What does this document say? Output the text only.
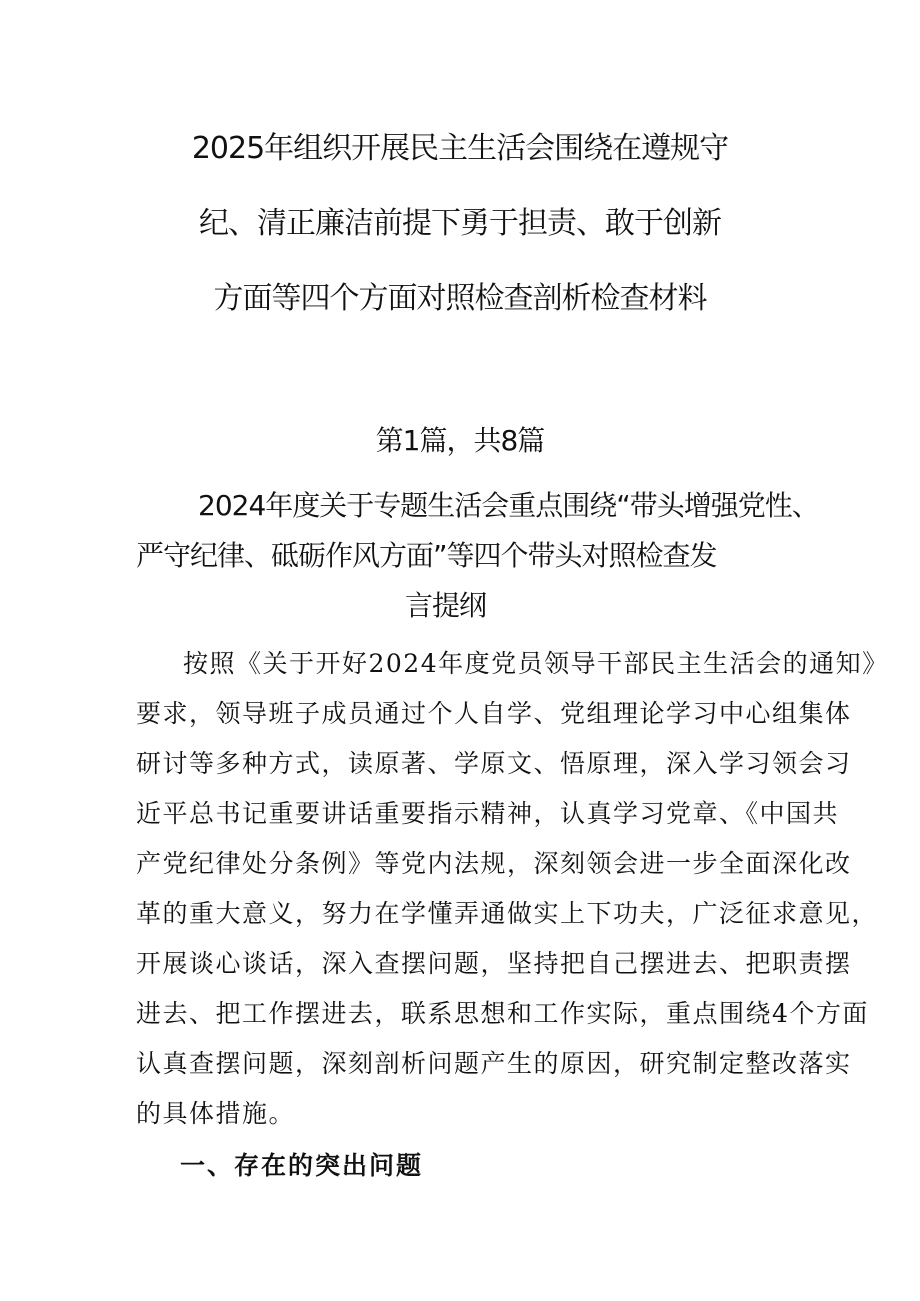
2025年组织开展民主生活会围绕在遵规守
纪、清正廉洁前提下勇于担责、敢于创新
方面等四个方面对照检查剖析检查材料
第1篇，共8篇
2024年度关于专题生活会重点围绕“带头增强党性、
严守纪律、砥砺作风方面”等四个带头对照检查发
言提纲
一、存在的突出问题
按照《关于开好2024年度党员领导干部民主生活会的通知》
要求，领导班子成员通过个人自学、党组理论学习中心组集体
研讨等多种方式，读原著、学原文、悟原理，深入学习领会习
近平总书记重要讲话重要指示精神，认真学习党章、《中国共
产党纪律处分条例》等党内法规，深刻领会进一步全面深化改
革的重大意义，努力在学懂弄通做实上下功夫，广泛征求意见，
开展谈心谈话，深入查摆问题，坚持把自己摆进去、把职责摆
进去、把工作摆进去，联系思想和工作实际，重点围绕4个方面
认真查摆问题，深刻剖析问题产生的原因，研究制定整改落实
的具体措施。
